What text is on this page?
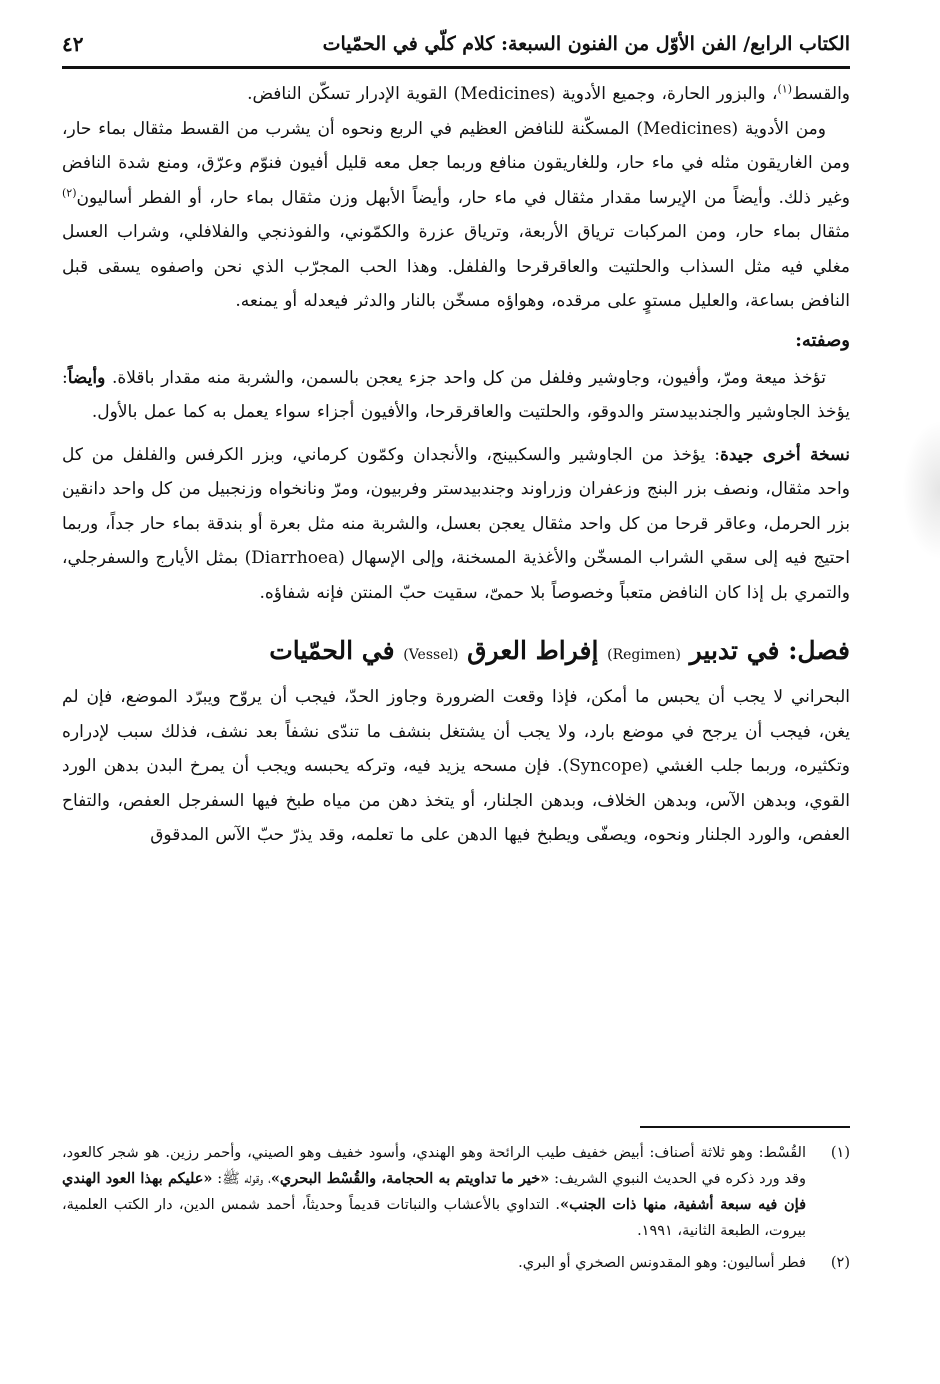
الكتاب الرابع/ الفن الأوّل من الفنون السبعة: كلام كلّي في الحمّيات
٤٢

والقسط$^{(١)}$، والبزور الحارة، وجميع الأدوية (Medicines) القوية الإدرار تسكّن النافض.

ومن الأدوية (Medicines) المسكّنة للنافض العظيم في الربع ونحوه أن يشرب من القسط مثقال بماء حار، ومن الغاريقون مثله في ماء حار، وللغاريقون منافع وربما جعل معه قليل أفيون فنوّم وعرّق، ومنع شدة النافض وغير ذلك. وأيضاً من الإيرسا مقدار مثقال في ماء حار، وأيضاً الأبهل وزن مثقال بماء حار، أو الفطر أساليون$^{(٢)}$ مثقال بماء حار، ومن المركبات ترياق الأربعة، وترياق عزرة والكمّوني، والفوذنجي والفلافلي، وشراب العسل مغلي فيه مثل السذاب والحلتيت والعاقرقرحا والفلفل. وهذا الحب المجرّب الذي نحن واصفوه يسقى قبل النافض بساعة، والعليل مستوٍ على مرقده، وهواؤه مسخّن بالنار والدثر فيعدله أو يمنعه.

وصفته:

تؤخذ ميعة ومرّ، وأفيون، وجاوشير وفلفل من كل واحد جزء يعجن بالسمن، والشربة منه مقدار باقلاة. وأيضاً: يؤخذ الجاوشير والجندبيدستر والدوقو، والحلتيت والعاقرقرحا، والأفيون أجزاء سواء يعمل به كما عمل بالأول.

نسخة أخرى جيدة: يؤخذ من الجاوشير والسكبينج، والأنجدان وكمّون كرماني، وبزر الكرفس والفلفل من كل واحد مثقال، ونصف بزر البنج وزعفران وزراوند وجندبيدستر وفربيون، ومرّ ونانخواه وزنجبيل من كل واحد دانقين بزر الحرمل، وعاقر قرحا من كل واحد مثقال يعجن بعسل، والشربة منه مثل بعرة أو بندقة بماء حار جداً، وربما احتيج فيه إلى سقي الشراب المسخّن والأغذية المسخنة، وإلى الإسهال (Diarrhoea) بمثل الأيارج والسفرجلي، والتمري بل إذا كان النافض متعباً وخصوصاً بلا حمىّ، سقيت حبّ المنتن فإنه شفاؤه.

فصل: في تدبير (Regimen) إفراط العرق (Vessel) في الحمّيات

البحراني لا يجب أن يحبس ما أمكن، فإذا وقعت الضرورة وجاوز الحدّ، فيجب أن يروّح ويبرّد الموضع، فإن لم يغن، فيجب أن يرجح في موضع بارد، ولا يجب أن يشتغل بنشف ما تندّى نشفاً بعد نشف، فذلك سبب لإدراره وتكثيره، وربما جلب الغشي (Syncope). فإن مسحه يزيد فيه، وتركه يحبسه ويجب أن يمرخ البدن بدهن الورد القوي، وبدهن الآس، وبدهن الخلاف، وبدهن الجلنار، أو يتخذ دهن من مياه طبخ فيها السفرجل العفص، والتفاح العفص، والورد الجلنار ونحوه، ويصفّى ويطبخ فيها الدهن على ما تعلمه، وقد يذرّ حبّ الآس المدقوق

(١)
القُسْط: وهو ثلاثة أصناف: أبيض خفيف طيب الرائحة وهو الهندي، وأسود خفيف وهو الصيني، وأحمر رزين. هو شجر كالعود، وقد ورد ذكره في الحديث النبوي الشريف: «خير ما تداويتم به الحجامة، والقُسْط البحري»، وقوله ﷺ: «عليكم بهذا العود الهندي فإن فيه سبعة أشفية، منها ذات الجنب». التداوي بالأعشاب والنباتات قديماً وحديثاً، أحمد شمس الدين، دار الكتب العلمية، بيروت، الطبعة الثانية، ١٩٩١.
(٢)
فطر أساليون: وهو المقدونس الصخري أو البري.
